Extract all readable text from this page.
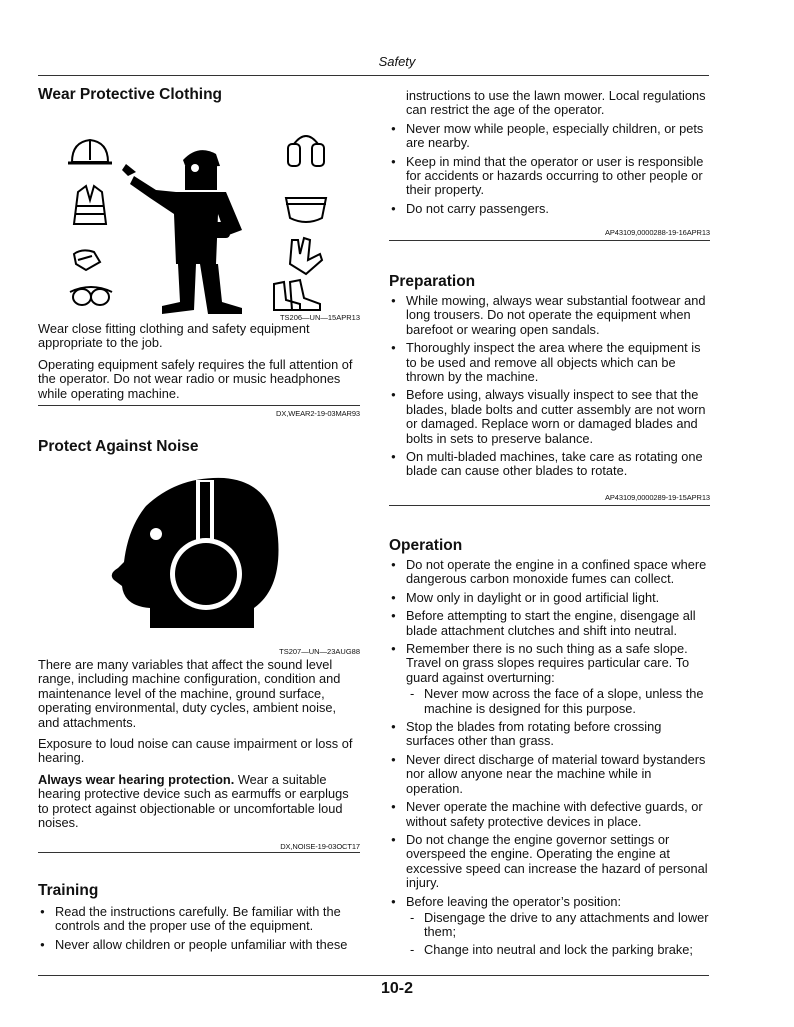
Safety
Wear Protective Clothing
TS206—UN—15APR13

Wear close fitting clothing and safety equipment appropriate to the job.

Operating equipment safely requires the full attention of the operator. Do not wear radio or music headphones while operating machine.

DX,WEAR2-19-03MAR93
Protect Against Noise
TS207—UN—23AUG88

There are many variables that affect the sound level range, including machine configuration, condition and maintenance level of the machine, ground surface, operating environmental, duty cycles, ambient noise, and attachments.

Exposure to loud noise can cause impairment or loss of hearing.

Always wear hearing protection. Wear a suitable hearing protective device such as earmuffs or earplugs to protect against objectionable or uncomfortable loud noises.

DX,NOISE-19-03OCT17
Training
● Read the instructions carefully. Be familiar with the controls and the proper use of the equipment.
● Never allow children or people unfamiliar with these

instructions to use the lawn mower. Local regulations can restrict the age of the operator.

● Never mow while people, especially children, or pets are nearby.
● Keep in mind that the operator or user is responsible for accidents or hazards occurring to other people or their property.
● Do not carry passengers.
AP43109,0000288-19-16APR13
Preparation
● While mowing, always wear substantial footwear and long trousers. Do not operate the equipment when barefoot or wearing open sandals.
● Thoroughly inspect the area where the equipment is to be used and remove all objects which can be thrown by the machine.
● Before using, always visually inspect to see that the blades, blade bolts and cutter assembly are not worn or damaged. Replace worn or damaged blades and bolts in sets to preserve balance.
● On multi-bladed machines, take care as rotating one blade can cause other blades to rotate.
AP43109,0000289-19-15APR13
Operation
● Do not operate the engine in a confined space where dangerous carbon monoxide fumes can collect.
● Mow only in daylight or in good artificial light.
● Before attempting to start the engine, disengage all blade attachment clutches and shift into neutral.
● Remember there is no such thing as a safe slope. Travel on grass slopes requires particular care. To guard against overturning:
- Never mow across the face of a slope, unless the machine is designed for this purpose.
● Stop the blades from rotating before crossing surfaces other than grass.
● Never direct discharge of material toward bystanders nor allow anyone near the machine while in operation.
● Never operate the machine with defective guards, or without safety protective devices in place.
● Do not change the engine governor settings or overspeed the engine. Operating the engine at excessive speed can increase the hazard of personal injury.
● Before leaving the operator’s position:
- Disengage the drive to any attachments and lower them;
- Change into neutral and lock the parking brake;
10-2
